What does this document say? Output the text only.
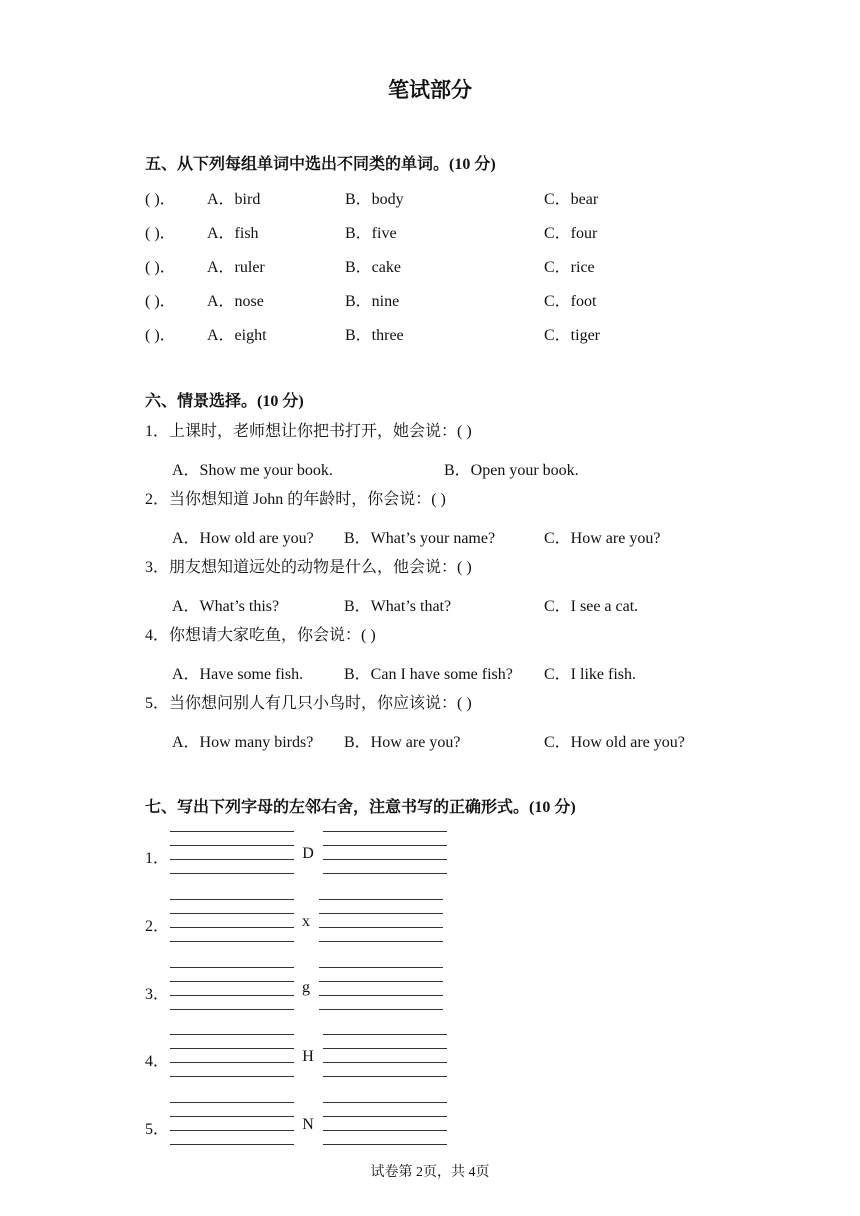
笔试部分
五、从下列每组单词中选出不同类的单词。(10 分)
( )． A．bird	B．body	C．bear
( )． A．fish	B．five	C．four
( )． A．ruler	B．cake	C．rice
( )． A．nose	B．nine	C．foot
( )． A．eight	B．three	C．tiger
六、情景选择。(10 分)
1．上课时，老师想让你把书打开，她会说：( )
A．Show me your book.	B．Open your book.
2．当你想知道 John 的年龄时，你会说：( )
A．How old are you? B．What’s your name?	C．How are you?
3．朋友想知道远处的动物是什么，他会说：( )
A．What’s this?	B．What’s that?	C．I see a cat.
4．你想请大家吃鱼，你会说：( )
A．Have some fish.	B．Can I have some fish? C．I like fish.
5．当你想问别人有几只小鸟时，你应该说：( )
A．How many birds? B．How are you?	C．How old are you?
七、写出下列字母的左邻右舍，注意书写的正确形式。(10 分)
1．	D
2．	x
3．	g
4．	H
5．	N
试卷第 2页，共 4页
